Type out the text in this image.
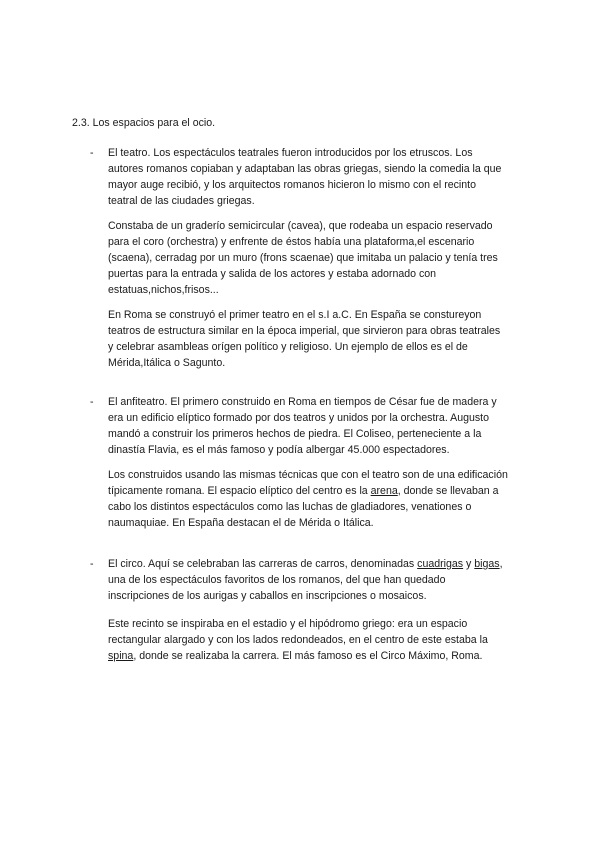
2.3. Los espacios para el ocio.
- El teatro. Los espectáculos teatrales fueron introducidos por los etruscos. Los
autores romanos copiaban y adaptaban las obras griegas, siendo la comedia la que
mayor auge recibió, y los arquitectos romanos hicieron lo mismo con el recinto
teatral de las ciudades griegas.
Constaba de un graderío semicircular (cavea), que rodeaba un espacio reservado
para el coro (orchestra) y enfrente de éstos había una plataforma,el escenario
(scaena), cerradag por un muro (frons scaenae) que imitaba un palacio y tenía tres
puertas para la entrada y salida de los actores y estaba adornado con
estatuas,nichos,frisos...
En Roma se construyó el primer teatro en el s.I a.C. En España se constureyon
teatros de estructura similar en la época imperial, que sirvieron para obras teatrales
y celebrar asambleas orígen político y religioso. Un ejemplo de ellos es el de
Mérida,Itálica o Sagunto.
- El anfiteatro. El primero construido en Roma en tiempos de César fue de madera y
era un edificio elíptico formado por dos teatros y unidos por la orchestra. Augusto
mandó a construir los primeros hechos de piedra. El Coliseo, perteneciente a la
dinastía Flavia, es el más famoso y podía albergar 45.000 espectadores.
Los construidos usando las mismas técnicas que con el teatro son de una edificación
típicamente romana. El espacio elíptico del centro es la arena, donde se llevaban a
cabo los distintos espectáculos como las luchas de gladiadores, venationes o
naumaquiae. En España destacan el de Mérida o Itálica.
- El circo. Aquí se celebraban las carreras de carros, denominadas cuadrigas y bigas,
una de los espectáculos favoritos de los romanos, del que han quedado
inscripciones de los aurigas y caballos en inscripciones o mosaicos.
Este recinto se inspiraba en el estadio y el hipódromo griego: era un espacio
rectangular alargado y con los lados redondeados, en el centro de este estaba la
spina, donde se realizaba la carrera. El más famoso es el Circo Máximo, Roma.
